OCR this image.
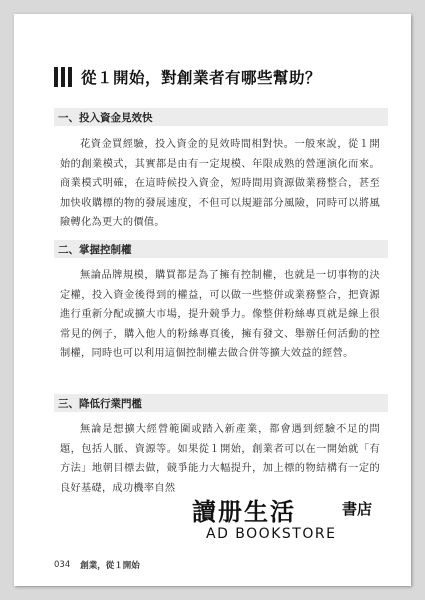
從１開始，對創業者有哪些幫助？
一、投入資金見效快
花資金買經驗，投入資金的見效時間相對快。一般來說，從１開始的創業模式，其實都是由有一定規模、年限成熟的營運演化而來。商業模式明確，在這時候投入資金，短時間用資源做業務整合，甚至加快收購標的物的發展速度，不但可以規避部分風險，同時可以將風險轉化為更大的價值。
二、掌握控制權
無論品牌規模，購買都是為了擁有控制權，也就是一切事物的決定權，投入資金後得到的權益，可以做一些整併或業務整合，把資源進行重新分配或擴大市場，提升競爭力。像整併粉絲專頁就是線上很常見的例子，購入他人的粉絲專頁後，擁有發文、舉辦任何活動的控制權，同時也可以利用這個控制權去做合併等擴大效益的經營。
三、降低行業門檻
無論是想擴大經營範圍或踏入新產業，都會遇到經驗不足的問題，包括人脈、資源等。如果從１開始，創業者可以在一開始就「有方法」地朝目標去做，競爭能力大幅提升，加上標的物結構有一定的良好基礎，成功機率自然
讀册生活	書店
AD BOOKSTORE
034 創業，從１開始
